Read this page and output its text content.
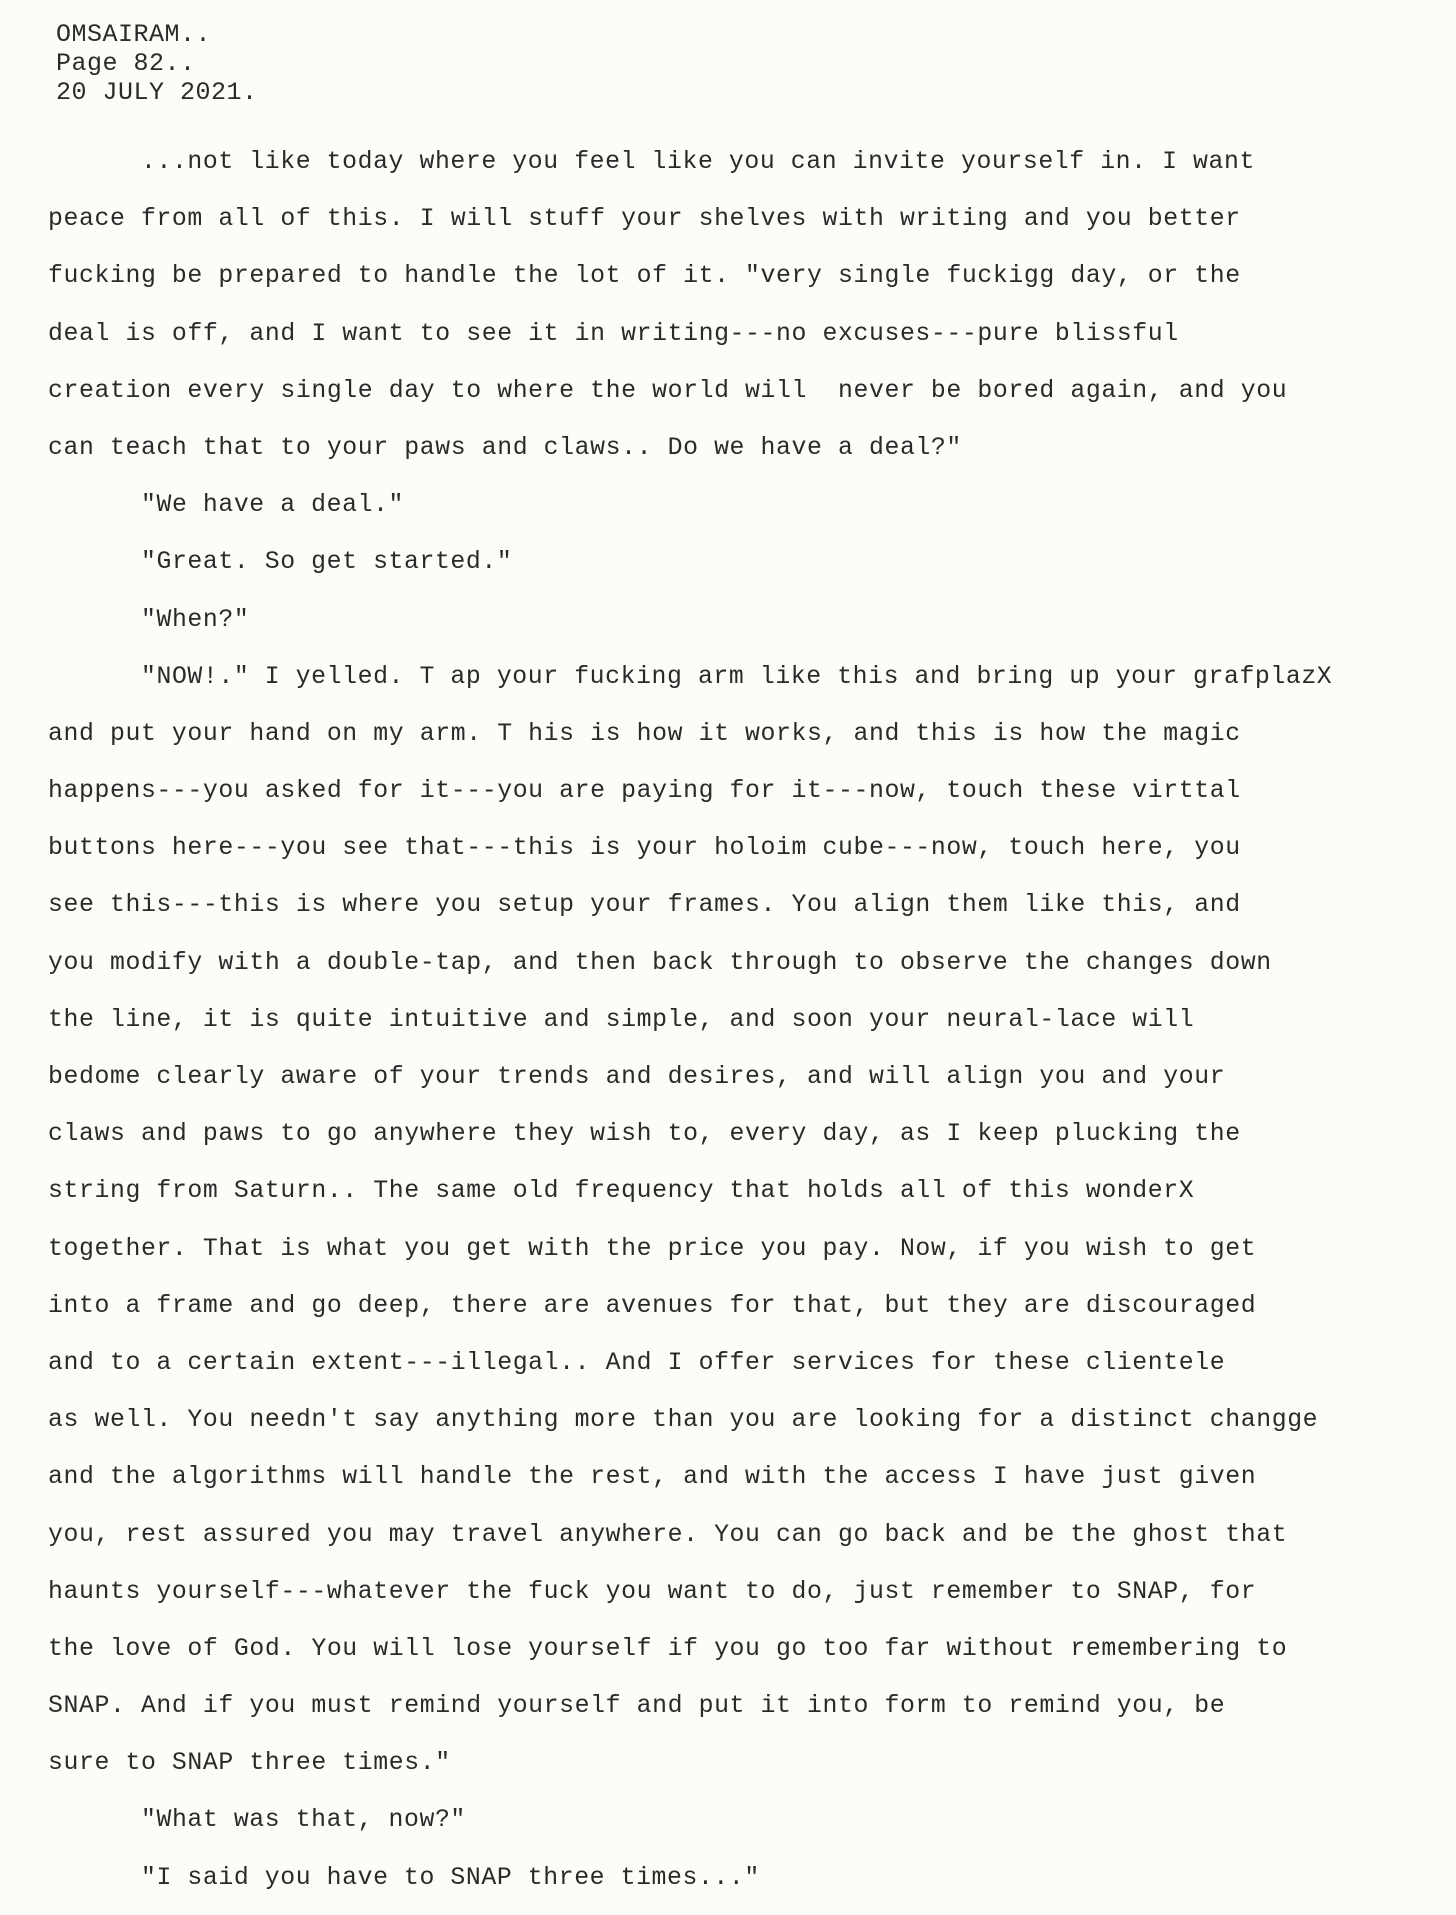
OMSAIRAM..
Page 82..
20 JULY 2021.
...not like today where you feel like you can invite yourself in. I want
peace from all of this. I will stuff your shelves with writing and you better
fucking be prepared to handle the lot of it. "very single fuckigg day, or the
deal is off, and I want to see it in writing---no excuses---pure blissful
creation every single day to where the world will  never be bored again, and you
can teach that to your paws and claws.. Do we have a deal?"
"We have a deal."
"Great. So get started."
"When?"
"NOW!." I yelled. T ap your fucking arm like this and bring up your grafplazX
and put your hand on my arm. T his is how it works, and this is how the magic
happens---you asked for it---you are paying for it---now, touch these virttal
buttons here---you see that---this is your holoim cube---now, touch here, you
see this---this is where you setup your frames. You align them like this, and
you modify with a double-tap, and then back through to observe the changes down
the line, it is quite intuitive and simple, and soon your neural-lace will
bedome clearly aware of your trends and desires, and will align you and your
claws and paws to go anywhere they wish to, every day, as I keep plucking the
string from Saturn.. The same old frequency that holds all of this wonderX
together. That is what you get with the price you pay. Now, if you wish to get
into a frame and go deep, there are avenues for that, but they are discouraged
and to a certain extent---illegal.. And I offer services for these clientele
as well. You needn't say anything more than you are looking for a distinct changge
and the algorithms will handle the rest, and with the access I have just given
you, rest assured you may travel anywhere. You can go back and be the ghost that
haunts yourself---whatever the fuck you want to do, just remember to SNAP, for
the love of God. You will lose yourself if you go too far without remembering to
SNAP. And if you must remind yourself and put it into form to remind you, be
sure to SNAP three times."
"What was that, now?"
"I said you have to SNAP three times..."
